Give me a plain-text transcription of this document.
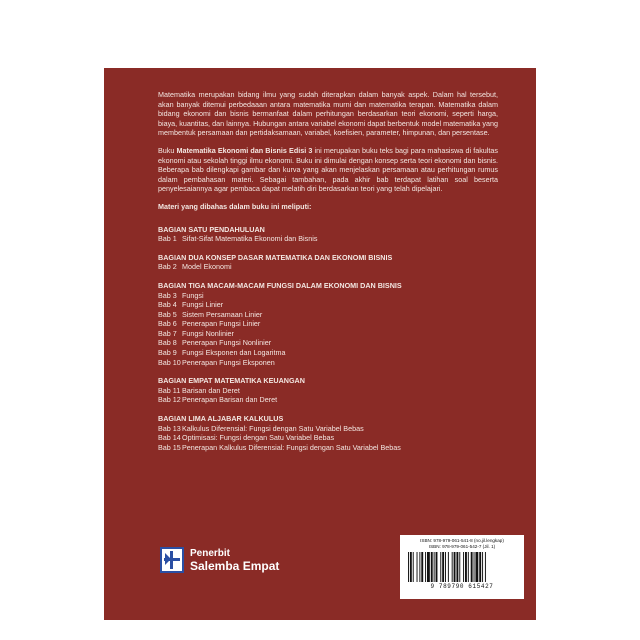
Matematika merupakan bidang ilmu yang sudah diterapkan dalam banyak aspek. Dalam hal tersebut, akan banyak ditemui perbedaaan antara matematika murni dan matematika terapan. Matematika dalam bidang ekonomi dan bisnis bermanfaat dalam perhitungan berdasarkan teori ekonomi, seperti harga, biaya, kuantitas, dan lainnya. Hubungan antara variabel ekonomi dapat berbentuk model matematika yang membentuk persamaan dan pertidaksamaan, variabel, koefisien, parameter, himpunan, dan persentase.

Buku Matematika Ekonomi dan Bisnis Edisi 3 ini merupakan buku teks bagi para mahasiswa di fakultas ekonomi atau sekolah tinggi ilmu ekonomi. Buku ini dimulai dengan konsep serta teori ekonomi dan bisnis. Beberapa bab dilengkapi gambar dan kurva yang akan menjelaskan persamaan atau perhitungan rumus dalam pembahasan materi. Sebagai tambahan, pada akhir bab terdapat latihan soal beserta penyelesaiannya agar pembaca dapat melatih diri berdasarkan teori yang telah dipelajari.

Materi yang dibahas dalam buku ini meliputi:
BAGIAN SATU PENDAHULUAN
Bab 1 Sifat-Sifat Matematika Ekonomi dan Bisnis
BAGIAN DUA KONSEP DASAR MATEMATIKA DAN EKONOMI BISNIS
Bab 2 Model Ekonomi
BAGIAN TIGA MACAM-MACAM FUNGSI DALAM EKONOMI DAN BISNIS
Bab 3 Fungsi
Bab 4 Fungsi Linier
Bab 5 Sistem Persamaan Linier
Bab 6 Penerapan Fungsi Linier
Bab 7 Fungsi Nonlinier
Bab 8 Penerapan Fungsi Nonlinier
Bab 9 Fungsi Eksponen dan Logaritma
Bab 10 Penerapan Fungsi Eksponen
BAGIAN EMPAT MATEMATIKA KEUANGAN
Bab 11 Barisan dan Deret
Bab 12 Penerapan Barisan dan Deret
BAGIAN LIMA ALJABAR KALKULUS
Bab 13 Kalkulus Diferensial: Fungsi dengan Satu Variabel Bebas
Bab 14 Optimisasi: Fungsi dengan Satu Variabel Bebas
Bab 15 Penerapan Kalkulus Diferensial: Fungsi dengan Satu Variabel Bebas
Penerbit
Salemba Empat
ISBN: 978-979-061-541-8 (no.jil.lengkap)
ISBN: 978-979-061-542-7 (Jil. 1)
9 789790 615427
